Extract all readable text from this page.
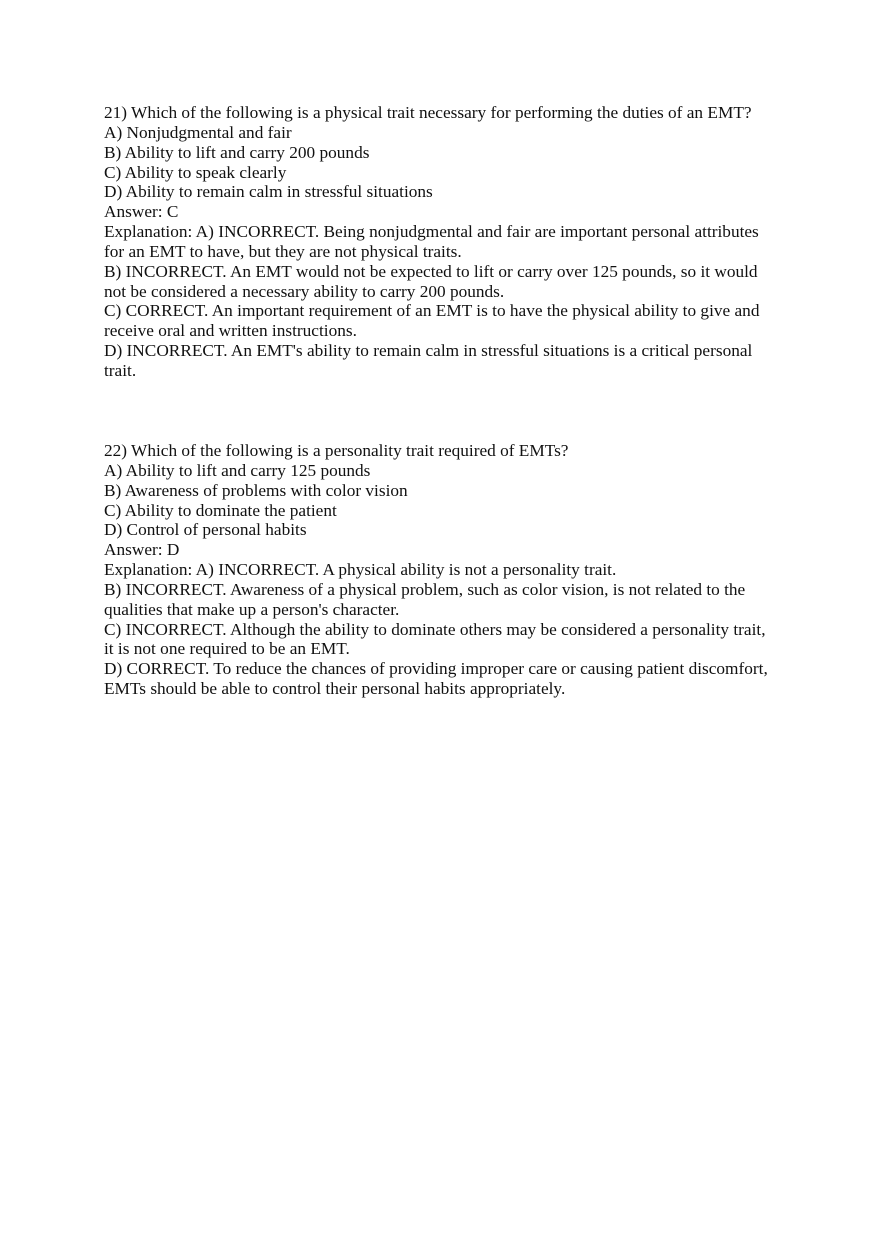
21) Which of the following is a physical trait necessary for performing the duties of an EMT?
A) Nonjudgmental and fair
B) Ability to lift and carry 200 pounds
C) Ability to speak clearly
D) Ability to remain calm in stressful situations
Answer: C
Explanation: A) INCORRECT. Being nonjudgmental and fair are important personal attributes
for an EMT to have, but they are not physical traits.
B) INCORRECT. An EMT would not be expected to lift or carry over 125 pounds, so it would
not be considered a necessary ability to carry 200 pounds.
C) CORRECT. An important requirement of an EMT is to have the physical ability to give and
receive oral and written instructions.
D) INCORRECT. An EMT's ability to remain calm in stressful situations is a critical personal
trait.
22) Which of the following is a personality trait required of EMTs?
A) Ability to lift and carry 125 pounds
B) Awareness of problems with color vision
C) Ability to dominate the patient
D) Control of personal habits
Answer: D
Explanation: A) INCORRECT. A physical ability is not a personality trait.
B) INCORRECT. Awareness of a physical problem, such as color vision, is not related to the
qualities that make up a person's character.
C) INCORRECT. Although the ability to dominate others may be considered a personality trait,
it is not one required to be an EMT.
D) CORRECT. To reduce the chances of providing improper care or causing patient discomfort,
EMTs should be able to control their personal habits appropriately.
